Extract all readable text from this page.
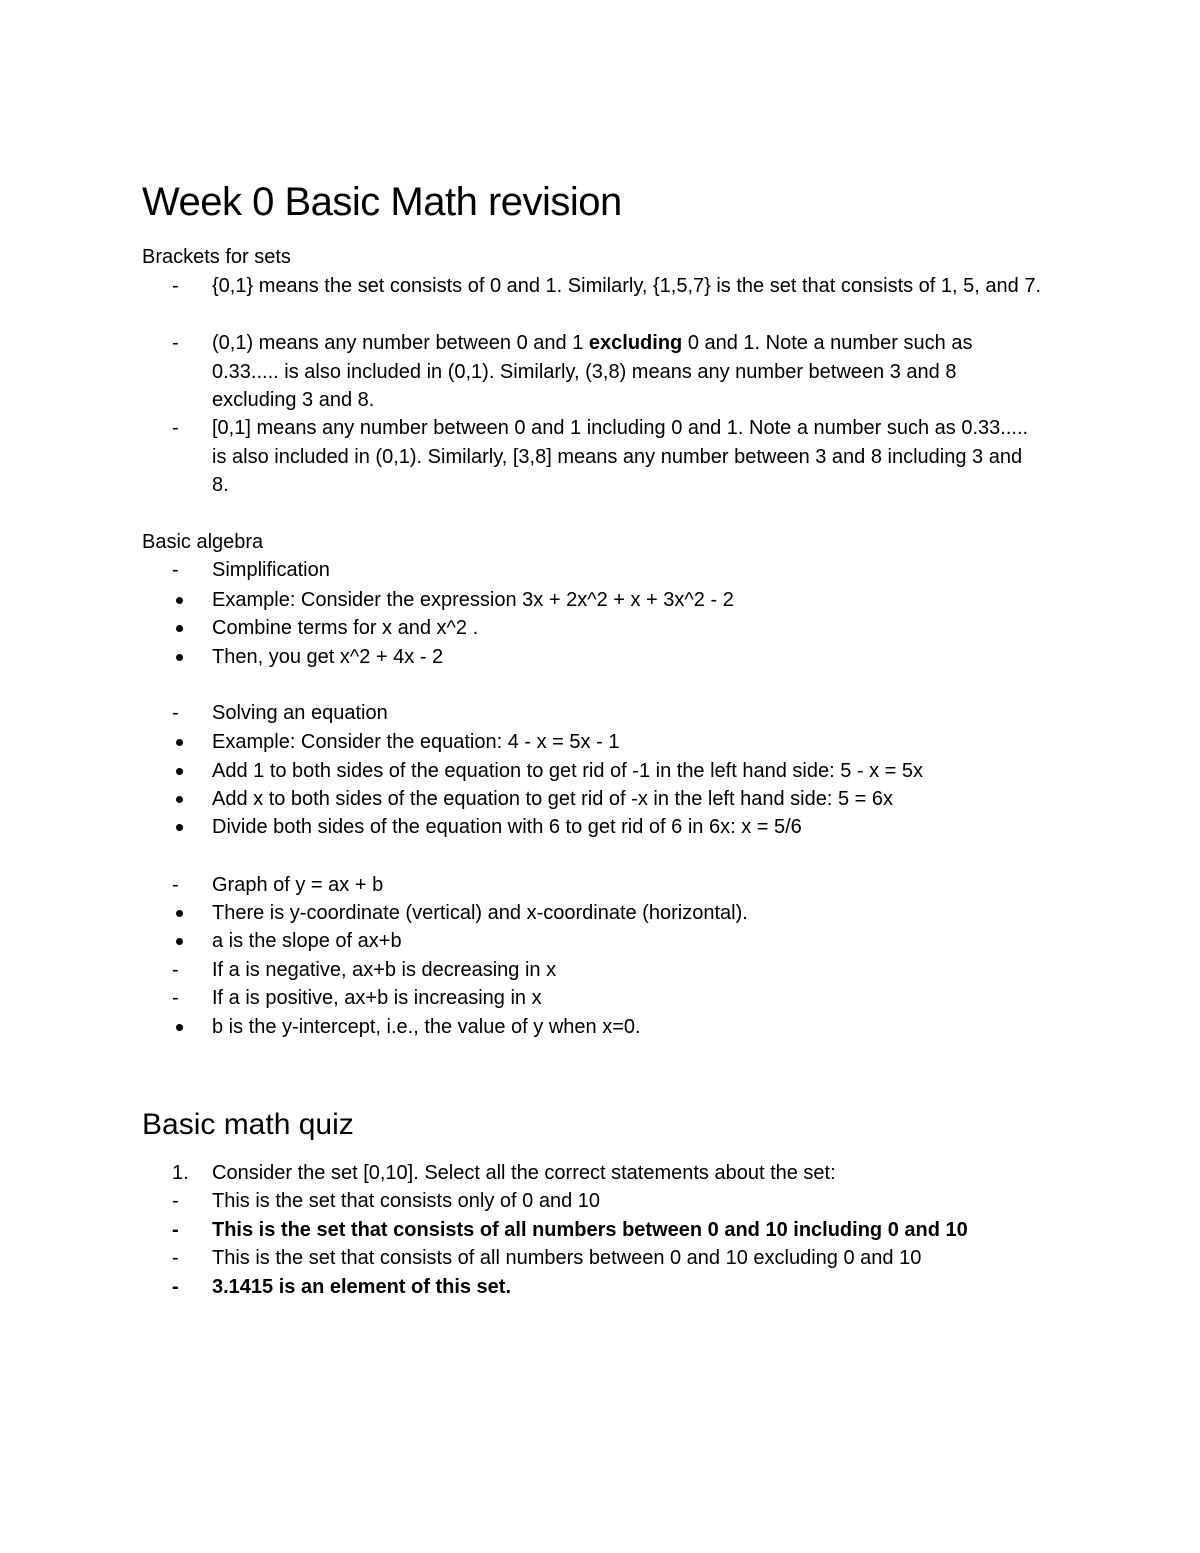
Week 0 Basic Math revision

Brackets for sets

-	{0,1} means the set consists of 0 and 1. Similarly, {1,5,7} is the set that consists of 1, 5, and 7.
-	(0,1) means any number between 0 and 1 excluding 0 and 1. Note a number such as 0.33..... is also included in (0,1). Similarly, (3,8) means any number between 3 and 8 excluding 3 and 8.
-	[0,1] means any number between 0 and 1 including 0 and 1. Note a number such as 0.33..... is also included in (0,1). Similarly, [3,8] means any number between 3 and 8 including 3 and 8.

Basic algebra

-	Simplification
Example: Consider the expression 3x + 2x^2 + x + 3x^2 - 2
Combine terms for x and x^2 .
Then, you get x^2 + 4x - 2
-	Solving an equation
Example: Consider the equation: 4 - x = 5x - 1
Add 1 to both sides of the equation to get rid of -1 in the left hand side: 5 - x = 5x
Add x to both sides of the equation to get rid of -x in the left hand side: 5 = 6x
Divide both sides of the equation with 6 to get rid of 6 in 6x: x = 5/6
-	Graph of y = ax + b
There is y-coordinate (vertical) and x-coordinate (horizontal).
a is the slope of ax+b
-	If a is negative, ax+b is decreasing in x
-	If a is positive, ax+b is increasing in x
b is the y-intercept, i.e., the value of y when x=0.
Basic math quiz
1.	Consider the set [0,10]. Select all the correct statements about the set:
-	This is the set that consists only of 0 and 10
-	This is the set that consists of all numbers between 0 and 10 including 0 and 10
-	This is the set that consists of all numbers between 0 and 10 excluding 0 and 10
-	3.1415 is an element of this set.
